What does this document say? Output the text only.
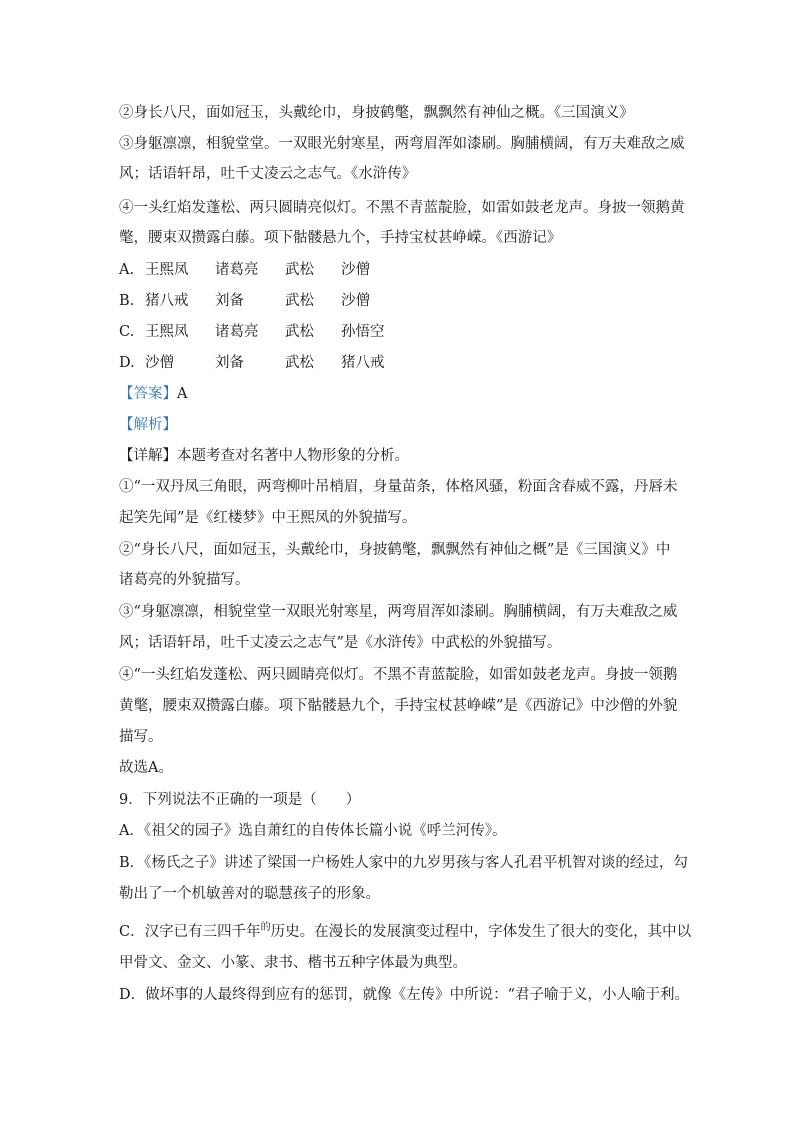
②身长八尺，面如冠玉，头戴纶巾，身披鹤氅，飘飘然有神仙之概。《三国演义》
③身躯凛凛，相貌堂堂。一双眼光射寒星，两弯眉浑如漆刷。胸脯横阔，有万夫难敌之威
风；话语轩昂，吐千丈凌云之志气。《水浒传》
④一头红焰发蓬松、两只圆睛亮似灯。不黑不青蓝靛脸，如雷如鼓老龙声。身披一领鹅黄
氅，腰束双攒露白藤。项下骷髅悬九个，手持宝杖甚峥嵘。《西游记》
A. 王熙凤 诸葛亮 武松 沙僧
B. 猪八戒 刘备	武松 沙僧
C. 王熙凤 诸葛亮 武松 孙悟空
D. 沙僧	刘备	武松 猪八戒
【答案】A
【解析】
【详解】本题考查对名著中人物形象的分析。
①“一双丹凤三角眼，两弯柳叶吊梢眉，身量苗条，体格风骚，粉面含春威不露，丹唇未
起笑先闻”是《红楼梦》中王熙凤的外貌描写。
②“身长八尺，面如冠玉，头戴纶巾，身披鹤氅，飘飘然有神仙之概”是《三国演义》中
诸葛亮的外貌描写。
③“身躯凛凛，相貌堂堂一双眼光射寒星，两弯眉浑如漆刷。胸脯横阔，有万夫难敌之威
风；话语轩昂，吐千丈凌云之志气”是《水浒传》中武松的外貌描写。
④“一头红焰发蓬松、两只圆睛亮似灯。不黑不青蓝靛脸，如雷如鼓老龙声。身披一领鹅
黄氅，腰束双攒露白藤。项下骷髅悬九个，手持宝杖甚峥嵘”是《西游记》中沙僧的外貌
描写。
故选A。
9．下列说法不正确的一项是（　　）
A．《祖父的园子》选自萧红的自传体长篇小说《呼兰河传》。
B．《杨氏之子》讲述了梁国一户杨姓人家中的九岁男孩与客人孔君平机智对谈的经过，勾
勒出了一个机敏善对的聪慧孩子的形象。
C．汉字已有三四千年$^的$历史。在漫长的发展演变过程中，字体发生了很大的变化，其中以
甲骨文、金文、小篆、隶书、楷书五种字体最为典型。
D．做坏事的人最终得到应有的惩罚，就像《左传》中所说：“君子喻于义，小人喻于利。
